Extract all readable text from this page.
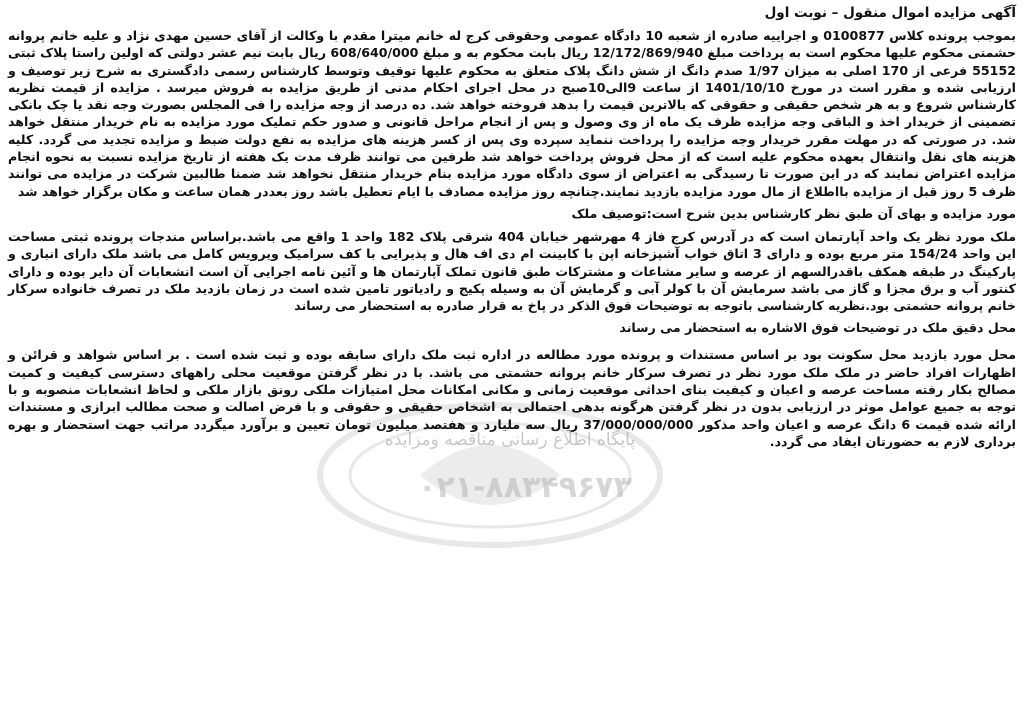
پایگاه اطلاع رسانی مناقصه ومزایده
۰۲۱-۸۸۳۴۹۶۷۳
آگهی مزایده اموال منقول – نوبت اول

بموجب پرونده کلاس 0100877 و اجراییه صادره از شعبه 10 دادگاه عمومی وحقوقی کرج له خانم میترا مقدم با وکالت از آقای حسین مهدی نژاد و علیه خانم پروانه حشمتی محکوم علیها محکوم است به پرداخت مبلغ 12/172/869/940 ریال بابت محکوم به و مبلغ 608/640/000 ریال بابت نیم عشر دولتی که اولین راستا پلاک ثبتی 55152 فرعی از 170 اصلی به میزان 1/97 صدم دانگ از شش دانگ پلاک متعلق به محکوم علیها توقیف وتوسط کارشناس رسمی دادگستری به شرح زیر توصیف و ارزیابی شده و مقرر است در مورخ 1401/10/10 از ساعت 9الی10صبح در محل اجرای احکام مدنی از طریق مزایده به فروش میرسد . مزایده از قیمت نظریه کارشناس شروع و به هر شخص حقیقی و حقوقی که بالاترین قیمت را بدهد فروخته خواهد شد. ده درصد از وجه مزایده را فی المجلس بصورت وجه نقد یا چک بانکی تضمینی از خریدار اخذ و الباقی وجه مزایده ظرف یک ماه از وی وصول و پس از انجام مراحل قانونی و صدور حکم تملیک مورد مزایده به نام خریدار منتقل خواهد شد. در صورتی که در مهلت مقرر خریدار وجه مزایده را پرداخت ننماید سپرده وی پس از کسر هزینه های مزایده به نفع دولت ضبط و مزایده تجدید می گردد. کلیه هزینه های نقل وانتقال بعهده محکوم علیه است که از محل فروش پرداخت خواهد شد طرفین می توانند ظرف مدت یک هفته از تاریخ مزایده نسبت به نحوه انجام مزایده اعتراض نمایند که در این صورت تا رسیدگی به اعتراض از سوی دادگاه مورد مزایده بنام خریدار منتقل نخواهد شد ضمنا طالبین شرکت در مزایده می توانند ظرف 5 روز قبل از مزایده بااطلاع از مال مورد مزایده بازدید نمایند.چنانچه روز مزایده مصادف با ایام تعطیل باشد روز بعددر همان ساعت و مکان برگزار خواهد شد

مورد مزایده و بهای آن طبق نظر کارشناس بدین شرح است:توصیف ملک

ملک مورد نظر یک واحد آپارتمان است که در آدرس کرج فاز 4 مهرشهر خیابان 404 شرقی پلاک 182 واحد 1 واقع می باشد.براساس مندجات پرونده ثبتی مساحت این واحد 154/24 متر مربع بوده و دارای 3 اتاق خواب آشپزخانه اپن با کابینت ام دی اف هال و پذیرایی با کف سرامیک ویرویس کامل می باشد ملک دارای انباری و پارکینگ در طبقه همکف باقدرالسهم از عرصه و سایر مشاعات و مشترکات طبق قانون تملک آپارتمان ها و آئین نامه اجرایی آن است انشعابات آن دایر بوده و دارای کنتور آب و برق مجزا و گاز می باشد سرمایش آن با کولر آبی و گرمایش آن به وسیله پکیج و رادیاتور تامین شده است در زمان بازدید ملک در تصرف خانواده سرکار خانم پروانه حشمتی بود.نظریه کارشناسی باتوجه به توضیحات فوق الذکر در پاخ به قرار صادره به استحضار می رساند

محل دقیق ملک در توضیحات فوق الاشاره به استحضار می رساند

محل مورد بازدید محل سکونت بود بر اساس مستندات و پرونده مورد مطالعه در اداره ثبت ملک دارای سابقه بوده و ثبت شده است . بر اساس شواهد و قرائن و اظهارات افراد حاضر در ملک ملک مورد نظر در تصرف سرکار خانم پروانه حشمتی می باشد. با در نظر گرفتن موقعیت محلی راههای دسترسی کیفیت و کمیت مصالح بکار رفته مساحت عرصه و اعیان و کیفیت بنای احداثی موقعیت زمانی و مکانی امکانات محل امتیازات ملکی رونق بازار ملکی و لحاظ انشعابات منصوبه و با توجه به جمیع عوامل موثر در ارزیابی بدون در نظر گرفتن هرگونه بدهی احتمالی به اشخاص حقیقی و حقوقی و با فرض اصالت و صحت مطالب ابرازی و مستندات ارائه شده قیمت 6 دانگ عرصه و اعیان واحد مذکور 37/000/000/000 ریال سه ملیارد و هفتصد میلیون تومان تعیین و برآورد میگردد مراتب جهت استحضار و بهره برداری لازم به حضورتان ایفاد می گردد.
